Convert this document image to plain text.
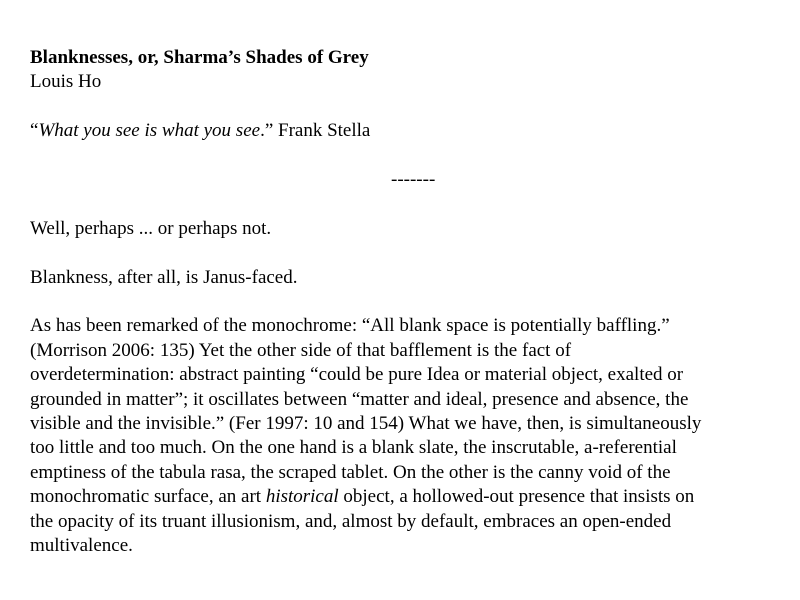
Blanknesses, or, Sharma’s Shades of Grey
Louis Ho
“What you see is what you see.” Frank Stella
-------
Well, perhaps ... or perhaps not.
Blankness, after all, is Janus-faced.
As has been remarked of the monochrome: “All blank space is potentially baffling.”
(Morrison 2006: 135) Yet the other side of that bafflement is the fact of
overdetermination: abstract painting “could be pure Idea or material object, exalted or
grounded in matter”; it oscillates between “matter and ideal, presence and absence, the
visible and the invisible.” (Fer 1997: 10 and 154) What we have, then, is simultaneously
too little and too much. On the one hand is a blank slate, the inscrutable, a-referential
emptiness of the tabula rasa, the scraped tablet. On the other is the canny void of the
monochromatic surface, an art historical object, a hollowed-out presence that insists on
the opacity of its truant illusionism, and, almost by default, embraces an open-ended
multivalence.
